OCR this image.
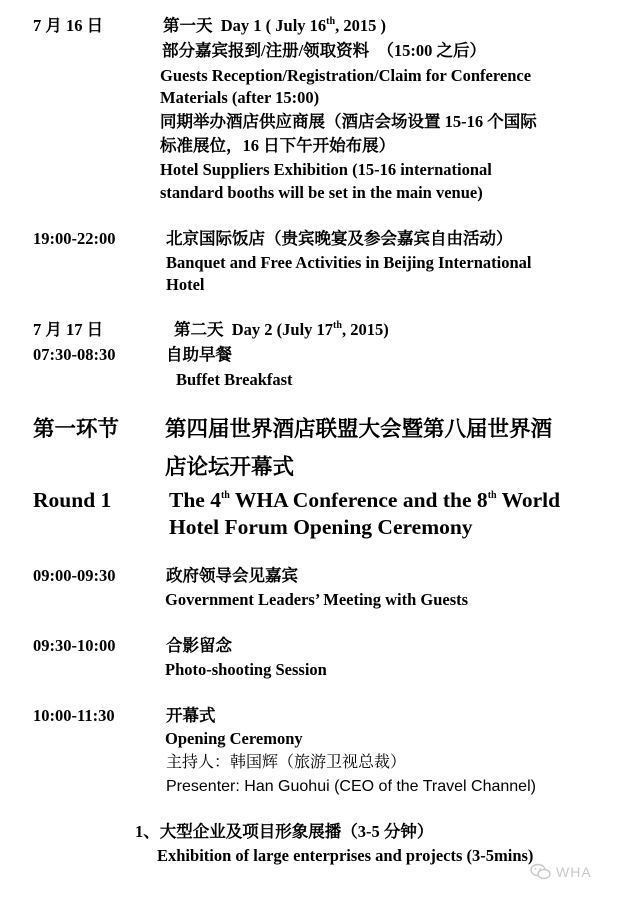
7 月 16 日	第一天 Day 1 ( July 16th, 2015 )
部分嘉宾报到/注册/领取资料　（15:00 之后）
Guests Reception/Registration/Claim for Conference
Materials (after 15:00)
同期举办酒店供应商展（酒店会场设置 15-16 个国际
标准展位，16 日下午开始布展）
Hotel Suppliers Exhibition (15-16 international
standard booths will be set in the main venue)
19:00-22:00	北京国际饭店（贵宾晚宴及参会嘉宾自由活动）
Banquet and Free Activities in Beijing International
Hotel
7 月 17 日	第二天 Day 2 (July 17th, 2015)
07:30-08:30	自助早餐
Buffet Breakfast
第一环节 第四届世界酒店联盟大会暨第八届世界酒
店论坛开幕式
Round 1	The 4th WHA Conference and the 8th World
Hotel Forum Opening Ceremony
09:00-09:30	政府领导会见嘉宾
Government Leaders’ Meeting with Guests
09:30-10:00	合影留念
Photo-shooting Session
10:00-11:30	开幕式
Opening Ceremony
主持人：韩国辉（旅游卫视总裁）
Presenter: Han Guohui (CEO of the Travel Channel)
1、大型企业及项目形象展播（3-5 分钟）
Exhibition of large enterprises and projects (3-5mins)
WHA
